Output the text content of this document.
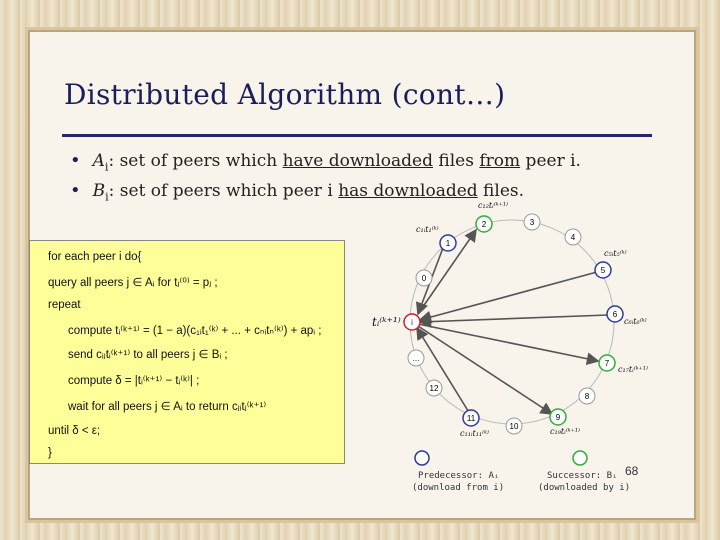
Distributed Algorithm (cont…)
• $A_i$: set of peers which have downloaded files from peer i.
• $B_i$: set of peers which peer i has downloaded files.
for each peer i do{
query all peers j ∈ Aᵢ for tⱼ⁽⁰⁾ = pⱼ ;
repeat
compute tᵢ⁽ᵏ⁺¹⁾ = (1 − a)(c₁ᵢt₁⁽ᵏ⁾ + ... + cₙᵢtₙ⁽ᵏ⁾) + apᵢ ;
send cᵢⱼtᵢ⁽ᵏ⁺¹⁾ to all peers j ∈ Bᵢ ;
compute δ = |tᵢ⁽ᵏ⁺¹⁾ − tᵢ⁽ᵏ⁾| ;
wait for all peers j ∈ Aᵢ to return cⱼᵢtⱼ⁽ᵏ⁺¹⁾
until δ < ε;
}
i
1
2	3
4
5
6
7
8
9
10
11
12
0
...
tᵢ⁽ᵏ⁺¹⁾
c₁ᵢt₁⁽ᵏ⁾
c₁₂tᵢ⁽ᵏ⁺¹⁾
c₅ᵢt₅⁽ᵏ⁾
c₆ᵢt₆⁽ᵏ⁾
c₁₇tᵢ⁽ᵏ⁺¹⁾
c₁₉tᵢ⁽ᵏ⁺¹⁾
c₁₁ᵢt₁₁⁽ᵏ⁾
Predecessor: Aᵢ
(download from i)
Successor: Bᵢ
(downloaded by i)
68
